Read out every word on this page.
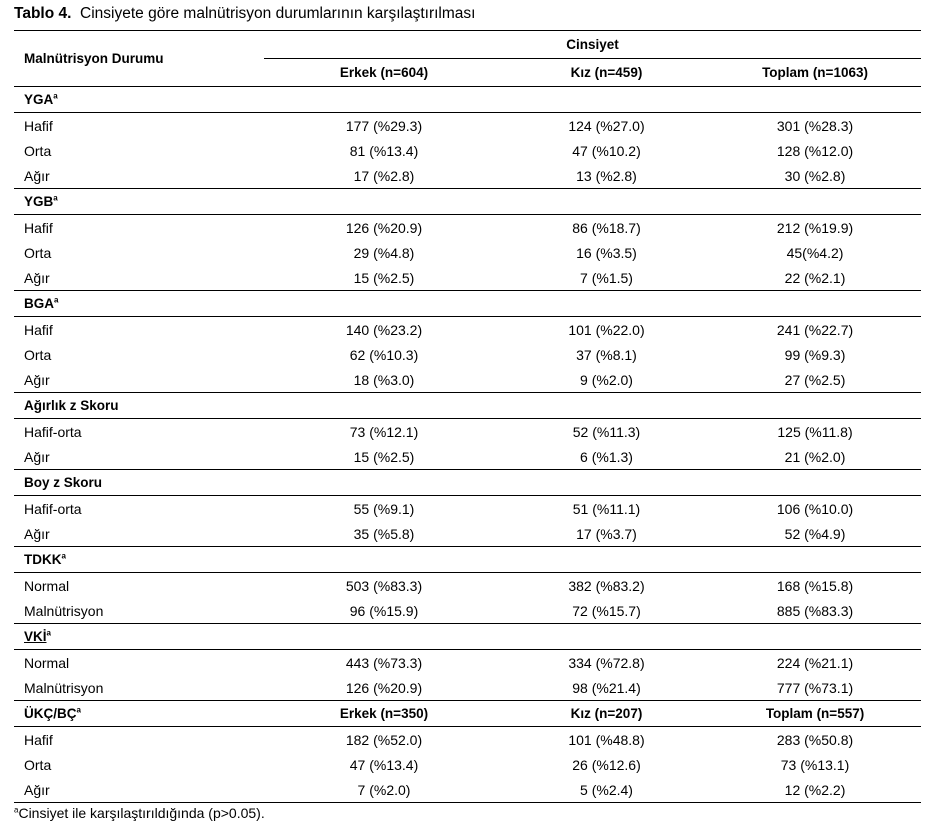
Tablo 4. Cinsiyete göre malnütrisyon durumlarının karşılaştırılması
Malnütrisyon Durumu	Cinsiyet		
	Erkek (n=604)	Kız (n=459)	Toplam (n=1063)
YGA$^a$			
Hafif	177 (%29.3)	124 (%27.0)	301 (%28.3)
Orta	81 (%13.4)	47 (%10.2)	128 (%12.0)
Ağır	17 (%2.8)	13 (%2.8)	30 (%2.8)
YGB$^a$			
Hafif	126 (%20.9)	86 (%18.7)	212 (%19.9)
Orta	29 (%4.8)	16 (%3.5)	45(%4.2)
Ağır	15 (%2.5)	7 (%1.5)	22 (%2.1)
BGA$^a$			
Hafif	140 (%23.2)	101 (%22.0)	241 (%22.7)
Orta	62 (%10.3)	37 (%8.1)	99 (%9.3)
Ağır	18 (%3.0)	9 (%2.0)	27 (%2.5)
Ağırlık z Skoru			
Hafif-orta	73 (%12.1)	52 (%11.3)	125 (%11.8)
Ağır	15 (%2.5)	6 (%1.3)	21 (%2.0)
Boy z Skoru			
Hafif-orta	55 (%9.1)	51 (%11.1)	106 (%10.0)
Ağır	35 (%5.8)	17 (%3.7)	52 (%4.9)
TDKK$^a$			
Normal	503 (%83.3)	382 (%83.2)	168 (%15.8)
Malnütrisyon	96 (%15.9)	72 (%15.7)	885 (%83.3)
VKİ$^a$			
Normal	443 (%73.3)	334 (%72.8)	224 (%21.1)
Malnütrisyon	126 (%20.9)	98 (%21.4)	777 (%73.1)
ÜKÇ/$BÇ^a$	Erkek (n=350)	Kız (n=207)	Toplam (n=557)
Hafif	182 (%52.0)	101 (%48.8)	283 (%50.8)
Orta	47 (%13.4)	26 (%12.6)	73 (%13.1)
Ağır	7 (%2.0)	5 (%2.4)	12 (%2.2)
$^a$Cinsiyet ile karşılaştırıldığında (p>0.05).
